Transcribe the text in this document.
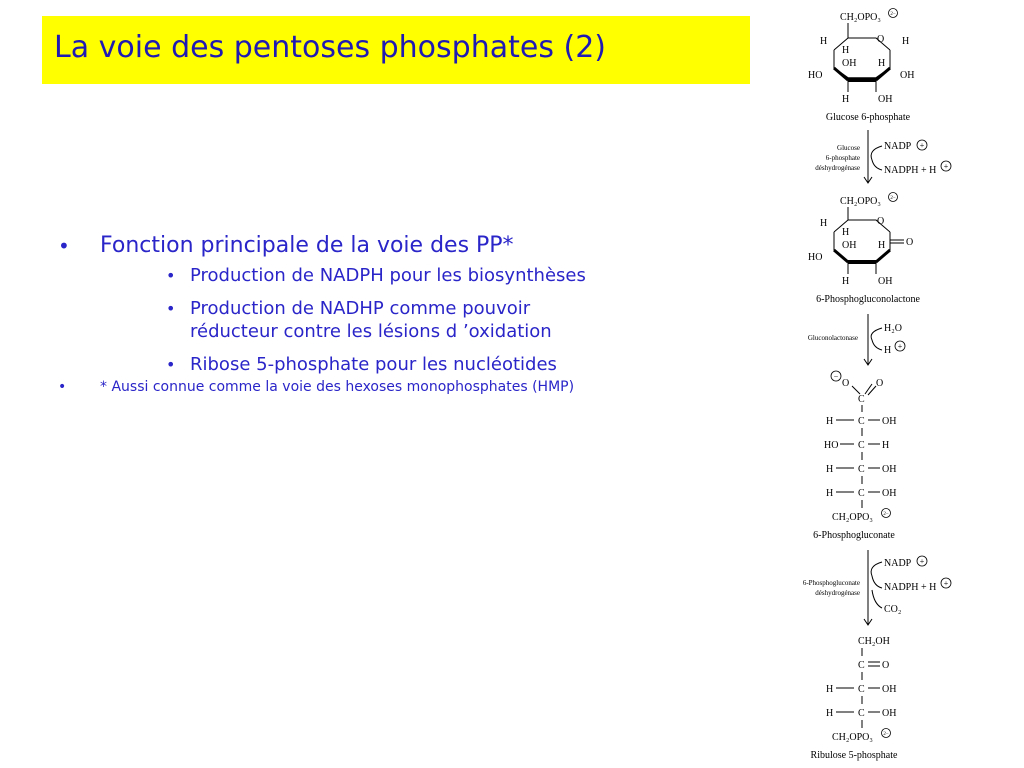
La voie des pentoses phosphates (2)
• Fonction principale de la voie des PP*
• Production de NADPH pour les biosynthèses
• Production de NADHP comme pouvoir réducteur contre les lésions d ’oxidation
• Ribose 5-phosphate pour les nucléotides
• * Aussi connue comme la voie des hexoses monophosphates (HMP)
CH₂OPO₃ 2−
O
H
H
OH H
H
HO	OH
H	OH
Glucose 6-phosphate
Glucose
6-phosphate
déshydrogénase
NADP +
NADPH + H +
CH₂OPO₃ 2−
O
O
H
H
OH H
HO
H	OH
6-Phosphogluconolactone
Gluconolactonase
H₂O
H +
−
O	O
C
H C OH
HO C H
H C OH
H C OH
CH₂OPO₃ 2−
6-Phosphogluconate
6-Phosphogluconate
déshydrogénase
NADP +
NADPH + H +
CO₂
CH₂OH
C O
H C OH
H C OH
CH₂OPO₃ 2−
Ribulose 5-phosphate
